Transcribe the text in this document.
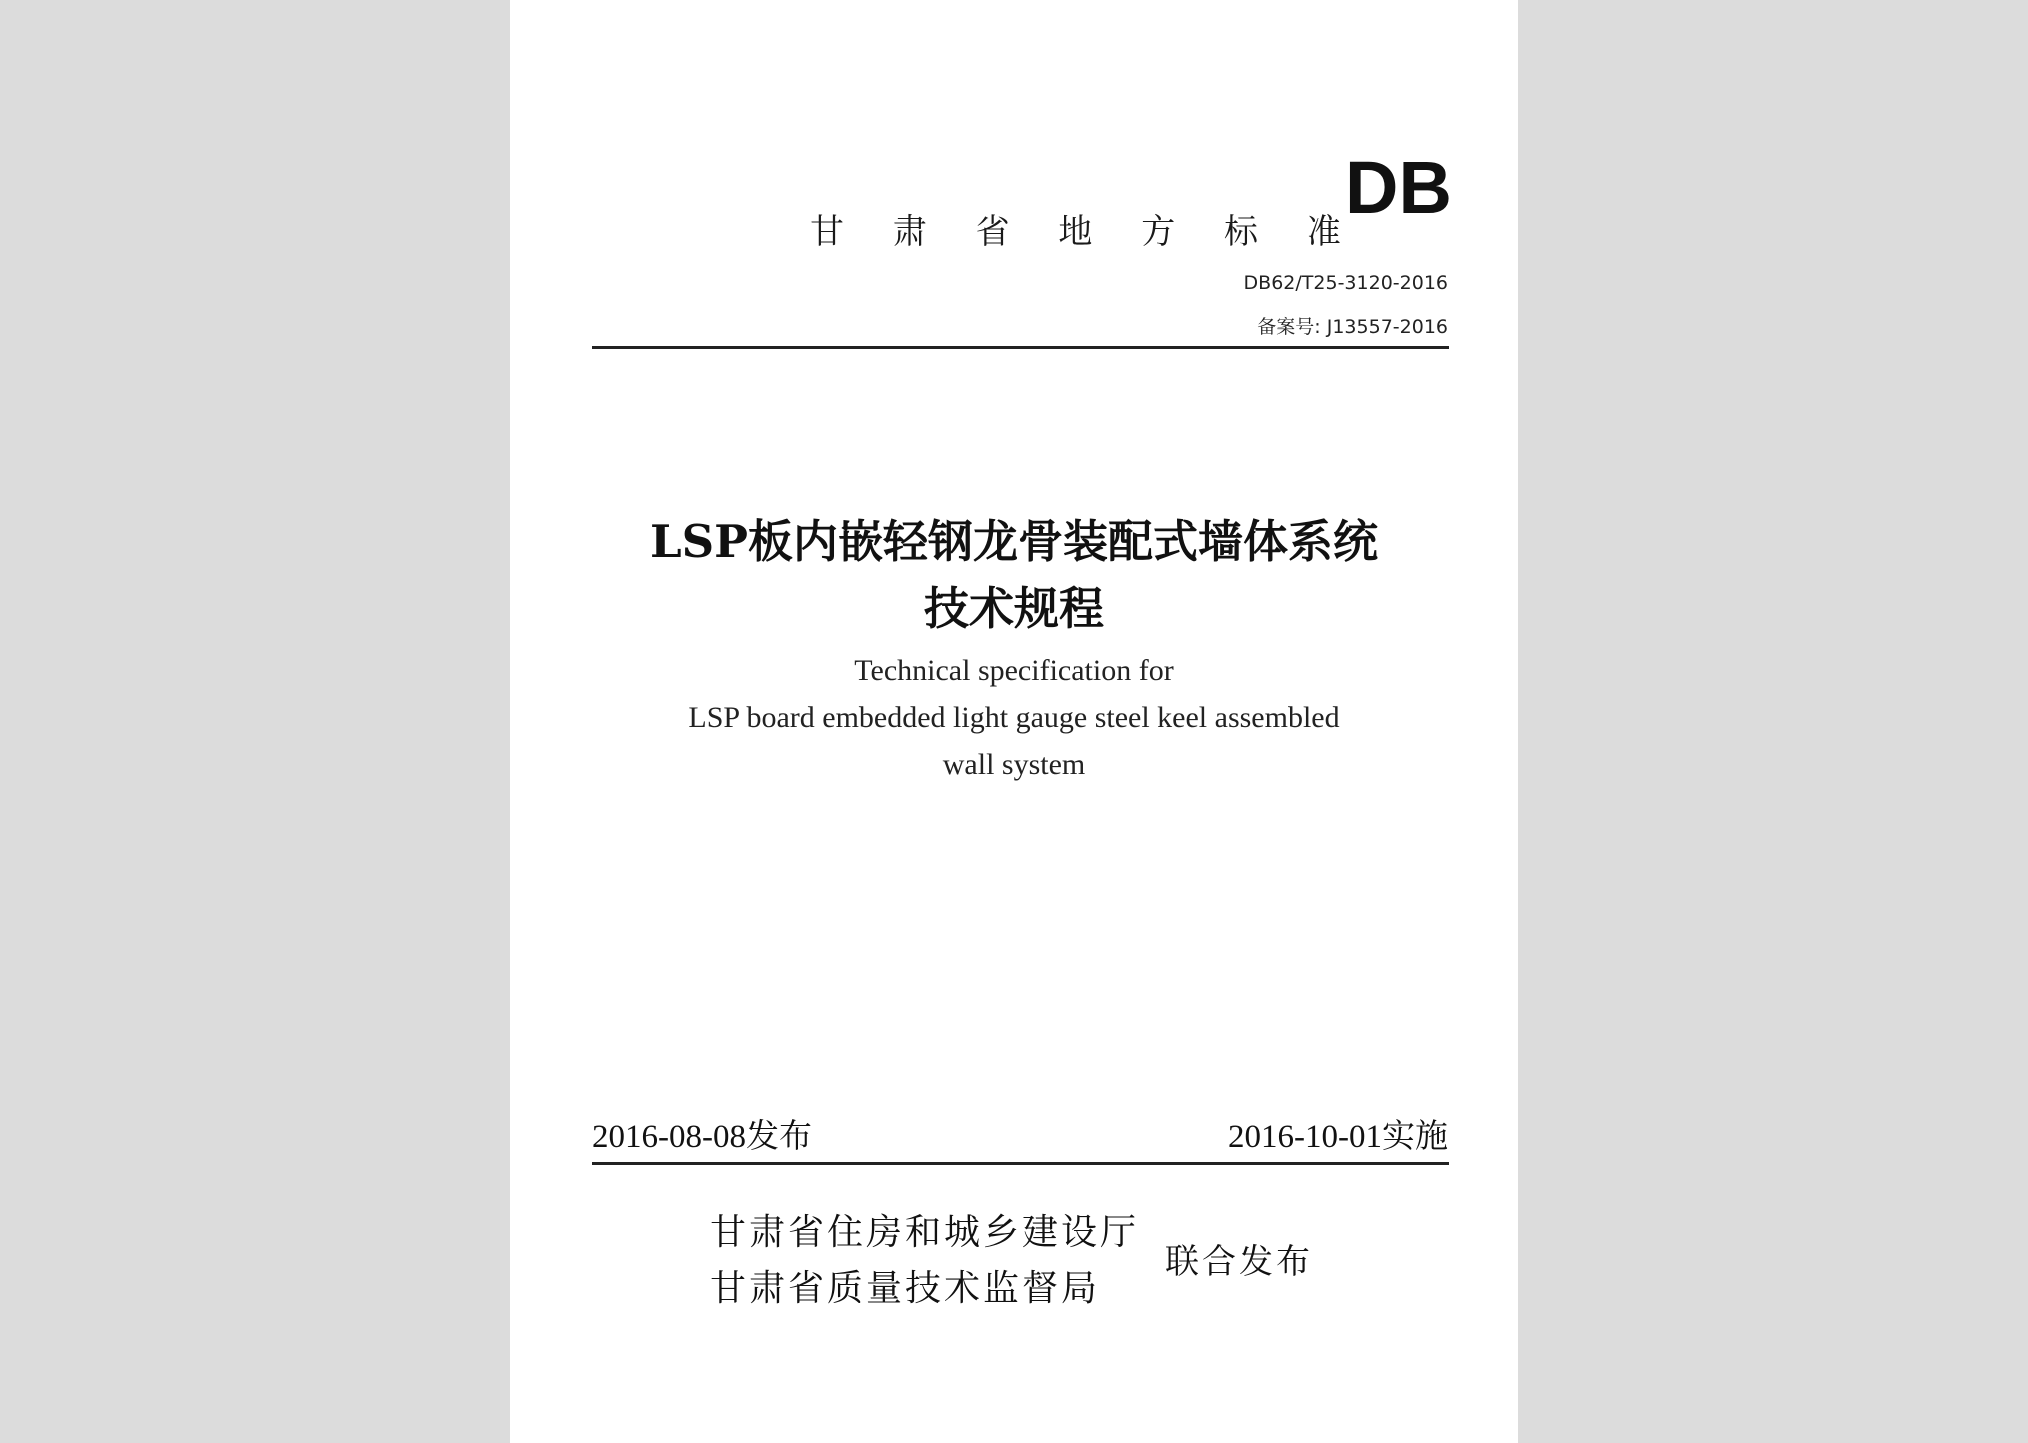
甘 肃 省 地 方 标 准
DB
DB62/T25-3120-2016
备案号: J13557-2016
LSP板内嵌轻钢龙骨装配式墙体系统
技术规程
Technical specification for
LSP board embedded light gauge steel keel assembled
wall system
2016-08-08发布	2016-10-01实施
甘肃省住房和城乡建设厅
甘肃省质量技术监督局
联合发布
